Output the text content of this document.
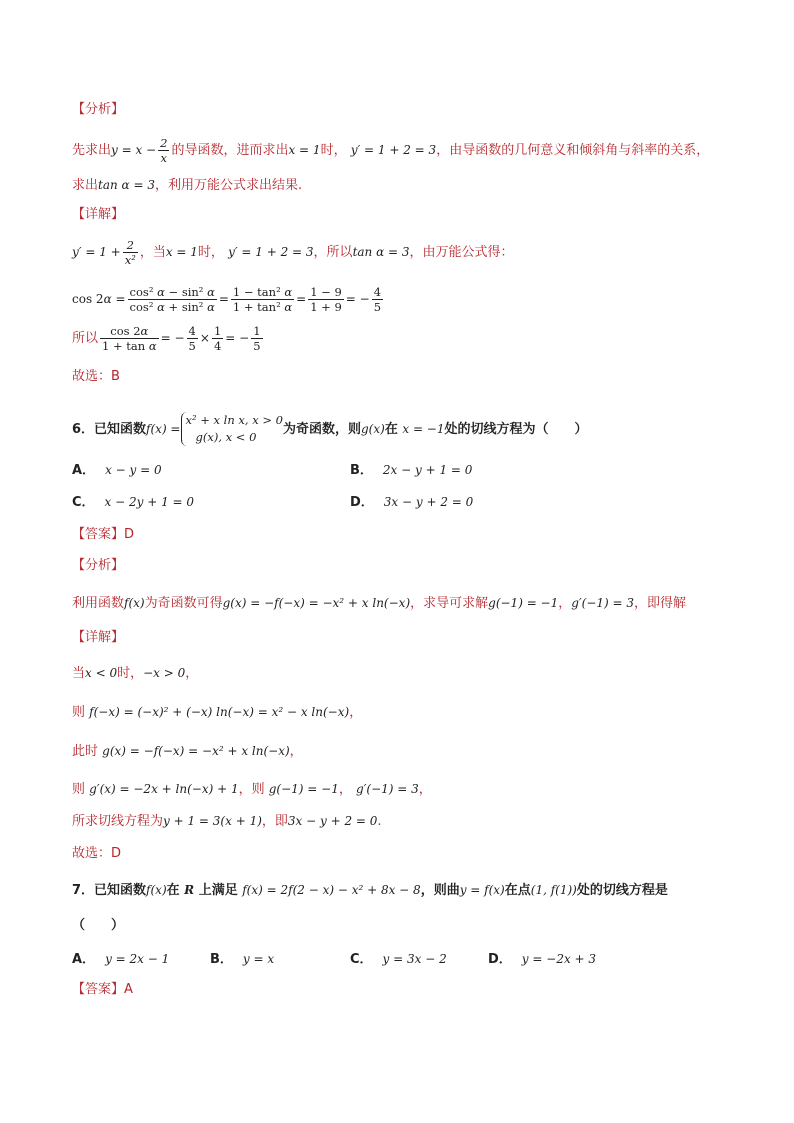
【分析】
先求出$y = x - \frac{2}{x}$ 的导函数，进而求出x = 1时， y′ = 1 + 2 = 3，由导函数的几何意义和倾斜角与斜率的关系，
求出tan α = 3，利用万能公式求出结果.
【详解】
$y' = 1 + \frac{2}{\text{x²}}$ ，当x = 1时， y′ = 1 + 2 = 3，所以tan α = 3，由万能公式得：
$\cos 2\alpha = \frac{\text{cos² α − sin² α}}{\text{cos² α + sin² α}} = \frac{\text{1 − tan² α}}{\text{1 + tan² α}} = \frac{1 - 9}{1 + 9}$ = − $\frac{4}{5}$
所以 $\frac{\cos 2\alpha}{\text{1 + tan α}}$ = − $\frac{4}{5} \times \frac{1}{4}$ = − $\frac{1}{5}$
故选：B
6．已知函数f(x) =
x² + x ln x, x > 0
g(x), x < 0	为奇函数，则g(x)在 x = −1处的切线方程为（　　）
A． x − y = 0	B． 2x − y + 1 = 0
C． x − 2y + 1 = 0	D． 3x − y + 2 = 0
【答案】D
【分析】
利用函数f(x)为奇函数可得g(x) = −f(−x) = −x² + x ln(−x)，求导可求解g(−1) = −1，g′(−1) = 3，即得解
【详解】
当x < 0时，−x > 0，
则 f(−x) = (−x)² + (−x) ln(−x) = x² − x ln(−x)，
此时 g(x) = −f(−x) = −x² + x ln(−x)，
则 g′(x) = −2x + ln(−x) + 1，则 g(−1) = −1， g′(−1) = 3，
所求切线方程为y + 1 = 3(x + 1)，即3x − y + 2 = 0.
故选：D
7．已知函数f(x)在 R 上满足 f(x) = 2f(2 − x) − x² + 8x − 8，则曲y = f(x)在点(1, f(1))处的切线方程是
（　　）
A． y = 2x − 1	B． y = x	C． y = 3x − 2	D． y = −2x + 3
【答案】A
